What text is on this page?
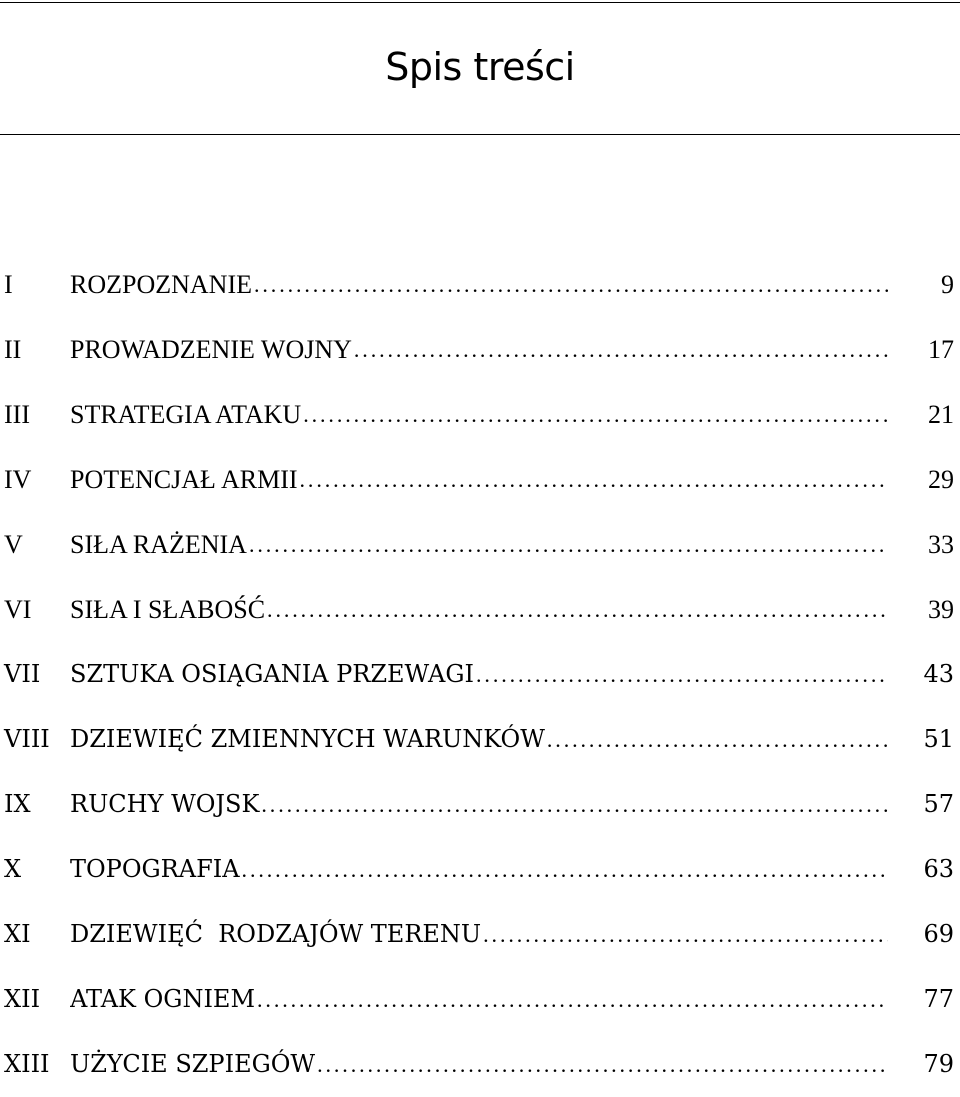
Spis treści
I	ROZPOZNANIE .....	9
II	PROWADZENIE WOJNY .....	17
III	STRATEGIA ATAKU .....	21
IV	POTENCJAŁ ARMII .....	29
V	SIŁA RAŻENIA .....	33
VI	SIŁA I SŁABOŚĆ .....	39
VII	SZTUKA OSIĄGANIA PRZEWAGI .....	43
VIII DZIEWIĘĆ ZMIENNYCH WARUNKÓW .....	51
IX	RUCHY WOJSK .....	57
X	TOPOGRAFIA .....	63
XI	DZIEWIĘĆ  RODZAJÓW TERENU .....	69
XII	ATAK OGNIEM .....	77
XIII UŻYCIE SZPIEGÓW .....	79
